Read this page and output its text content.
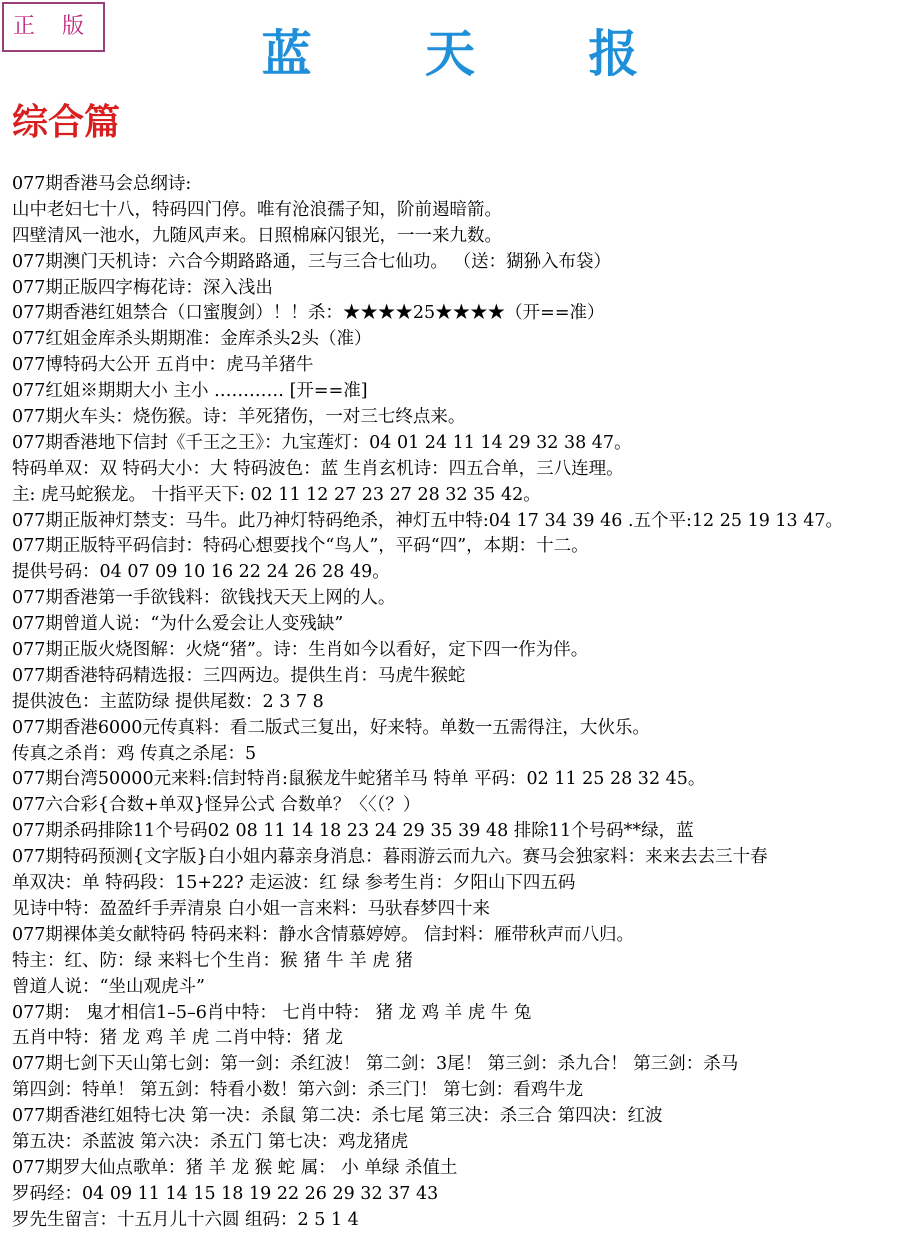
正 版	蓝 天 报
综合篇
077期香港马会总纲诗:
山中老妇七十八，特码四门停。唯有沧浪孺子知，阶前遏暗箭。
四壁清风一池水，九随风声来。日照棉麻闪银光，一一来九数。
077期澳门天机诗：六合今期路路通，三与三合七仙功。 （送：猢狲入布袋）
077期正版四字梅花诗：深入浅出
077期香港红姐禁合（口蜜腹剑）！！杀：★★★★25★★★★（开==准）
077红姐金库杀头期期准：金库杀头2头（准）
077博特码大公开 五肖中：虎马羊猪牛
077红姐※期期大小 主小 ………… [开==准]
077期火车头：烧伤猴。诗：羊死猪伤，一对三七终点来。
077期香港地下信封《千王之王》：九宝莲灯：04 01 24 11 14 29 32 38 47。
特码单双：双 特码大小：大 特码波色：蓝 生肖玄机诗：四五合单，三八连理。
主: 虎马蛇猴龙。 十指平天下: 02 11 12 27 23 27 28 32 35 42。
077期正版神灯禁支：马牛。此乃神灯特码绝杀，神灯五中特:04 17 34 39 46 .五个平:12 25 19 13 47。
077期正版特平码信封：特码心想要找个“鸟人”，平码“四”，本期：十二。
提供号码：04 07 09 10 16 22 24 26 28 49。
077期香港第一手欲钱料：欲钱找天天上网的人。
077期曾道人说：“为什么爱会让人变残缺”
077期正版火烧图解：火烧“猪”。诗：生肖如今以看好，定下四一作为伴。
077期香港特码精选报：三四两边。提供生肖：马虎牛猴蛇
提供波色：主蓝防绿 提供尾数：2 3 7 8
077期香港6000元传真料：看二版式三复出，好来特。单数一五需得注，大伙乐。
传真之杀肖：鸡 传真之杀尾：5
077期台湾50000元来料:信封特肖:鼠猴龙牛蛇猪羊马 特单 平码：02 11 25 28 32 45。
077六合彩{合数+单双}怪异公式 合数单？〈〈（？）
077期杀码排除11个号码02 08 11 14 18 23 24 29 35 39 48 排除11个号码**绿，蓝
077期特码预测{文字版}白小姐内幕亲身消息：暮雨游云而九六。赛马会独家料：来来去去三十春
单双决：单 特码段：15+22? 走运波：红 绿 参考生肖：夕阳山下四五码
见诗中特：盈盈纤手弄清泉 白小姐一言来料：马驮春梦四十来
077期裸体美女献特码 特码来料：静水含情慕婷婷。 信封料：雁带秋声而八归。
特主：红、防：绿 来料七个生肖：猴 猪 牛 羊 虎 猪
曾道人说：“坐山观虎斗”
077期： 鬼才相信1–5–6肖中特： 七肖中特： 猪 龙 鸡 羊 虎 牛 兔
五肖中特：猪 龙 鸡 羊 虎 二肖中特：猪 龙
077期七剑下天山第七剑：第一剑：杀红波！ 第二剑：3尾！ 第三剑：杀九合！ 第三剑：杀马
第四剑：特单！ 第五剑：特看小数！第六剑：杀三门！ 第七剑：看鸡牛龙
077期香港红姐特七决 第一决：杀鼠 第二决：杀七尾 第三决：杀三合 第四决：红波
第五决：杀蓝波 第六决：杀五门 第七决：鸡龙猪虎
077期罗大仙点歌单：猪 羊 龙 猴 蛇 属： 小 单绿 杀值土
罗码经：04 09 11 14 15 18 19 22 26 29 32 37 43
罗先生留言：十五月儿十六圆 组码：2 5 1 4
